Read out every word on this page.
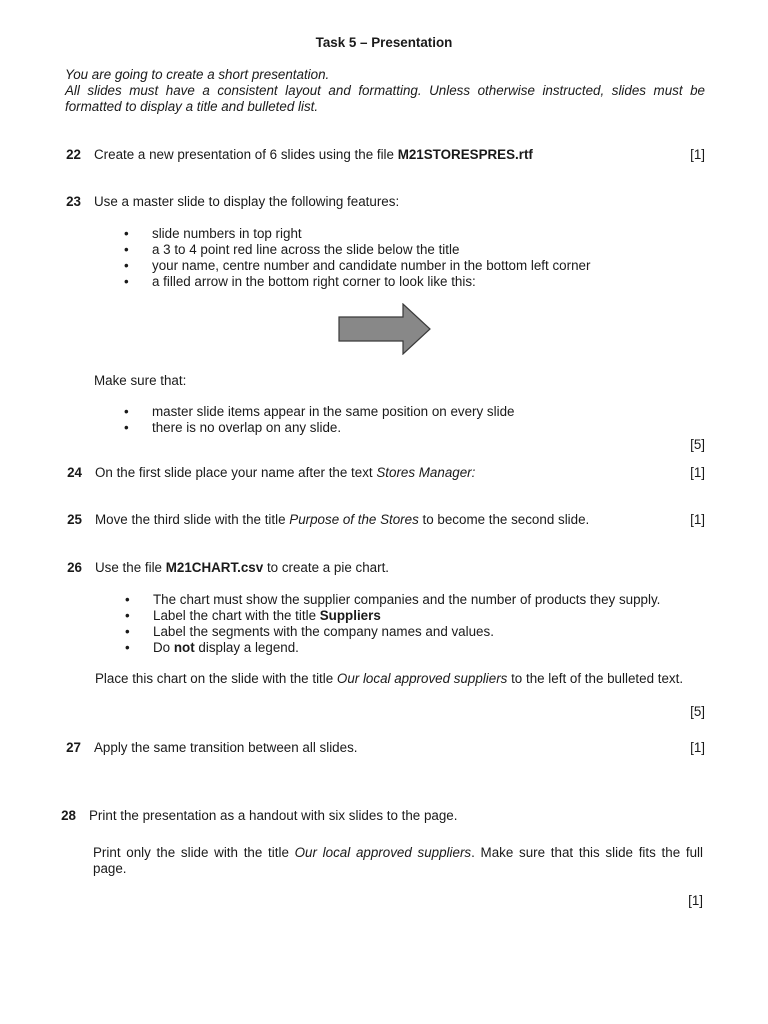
Task 5 – Presentation
You are going to create a short presentation.
All slides must have a consistent layout and formatting. Unless otherwise instructed, slides must be formatted to display a title and bulleted list.
22 Create a new presentation of 6 slides using the file M21STORESPRES.rtf	[1]
23 Use a master slide to display the following features:
• slide numbers in top right
• a 3 to 4 point red line across the slide below the title
• your name, centre number and candidate number in the bottom left corner
• a filled arrow in the bottom right corner to look like this:
Make sure that:
• master slide items appear in the same position on every slide
• there is no overlap on any slide.
[5]
24 On the first slide place your name after the text Stores Manager:	[1]
25 Move the third slide with the title Purpose of the Stores to become the second slide.	[1]
26 Use the file M21CHART.csv to create a pie chart.
• The chart must show the supplier companies and the number of products they supply.
• Label the chart with the title Suppliers
• Label the segments with the company names and values.
• Do not display a legend.
Place this chart on the slide with the title Our local approved suppliers to the left of the bulleted text.
[5]
27 Apply the same transition between all slides.	[1]
28 Print the presentation as a handout with six slides to the page.
Print only the slide with the title Our local approved suppliers. Make sure that this slide fits the full page.
[1]
